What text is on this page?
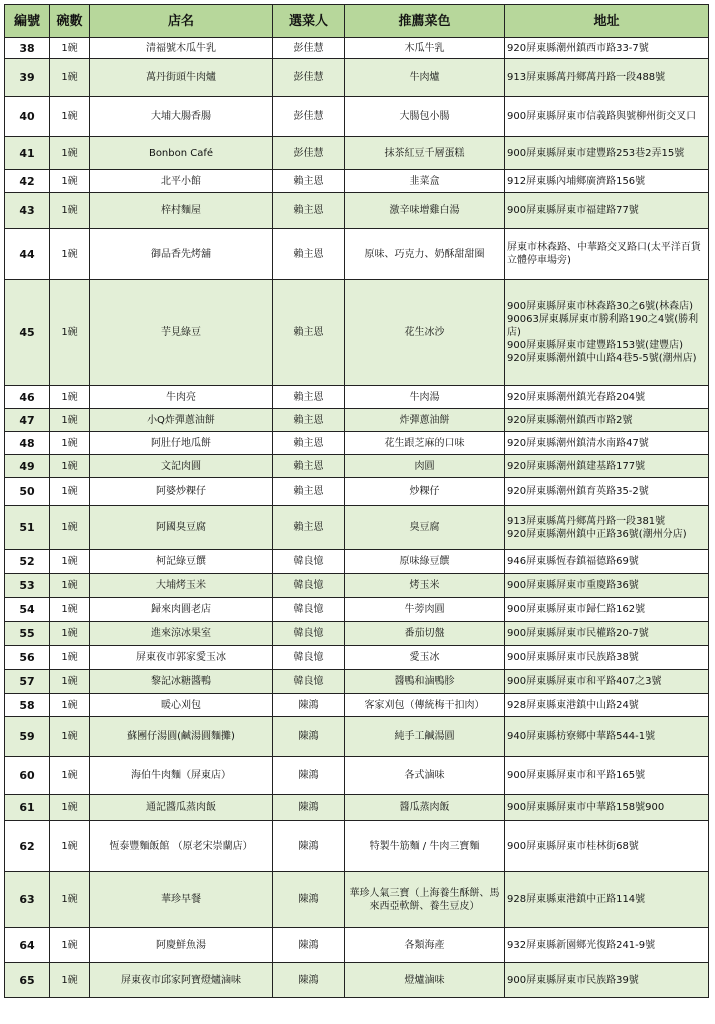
編號	碗數	店名	選菜人	推薦菜色	地址
38	1碗	清福號木瓜牛乳	彭佳慧	木瓜牛乳	920屏東縣潮州鎮西市路33-7號

39	1碗	萬丹街頭牛肉爐	彭佳慧	牛肉爐	913屏東縣萬丹鄉萬丹路一段488號

40	1碗	大埔大腸香腸	彭佳慧	大腸包小腸	900屏東縣屏東市信義路與號柳州街交叉口

41	1碗	Bonbon Café	彭佳慧	抹茶紅豆千層蛋糕	900屏東縣屏東市建豐路253巷2弄15號

42	1碗	北平小館	賴主恩	韭菜盒	912屏東縣內埔鄉廣濟路156號

43	1碗	梓村麵屋	賴主恩	激辛味增雞白湯	900屏東縣屏東市福建路77號

44	1碗	御品香先烤舖	賴主恩	原味、巧克力、奶酥甜甜圈	屏東市林森路、中華路交叉路口(太平洋百貨立體停車場旁)

45	1碗	芋見綠豆	賴主恩	花生冰沙	900屏東縣屏東市林森路30之6號(林森店)
90063屏東縣屏東市勝利路190之4號(勝利店)
900屏東縣屏東市建豐路153號(建豐店)
920屏東縣潮州鎮中山路4巷5-5號(潮州店)

46	1碗	牛肉亮	賴主恩	牛肉湯	920屏東縣潮州鎮光春路204號

47	1碗	小Q炸彈蔥油餅	賴主恩	炸彈蔥油餅	920屏東縣潮州鎮西市路2號

48	1碗	阿肚仔地瓜餅	賴主恩	花生跟芝麻的口味	920屏東縣潮州鎮清水南路47號

49	1碗	文記肉圓	賴主恩	肉圓	920屏東縣潮州鎮建基路177號

50	1碗	阿婆炒粿仔	賴主恩	炒粿仔	920屏東縣潮州鎮育英路35-2號

51	1碗	阿國臭豆腐	賴主恩	臭豆腐	913屏東縣萬丹鄉萬丹路一段381號
920屏東縣潮州鎮中正路36號(潮州分店)

52	1碗	柯記綠豆饌	韓良憶	原味綠豆饌	946屏東縣恆春鎮福德路69號

53	1碗	大埔烤玉米	韓良憶	烤玉米	900屏東縣屏東市重慶路36號

54	1碗	歸來肉圓老店	韓良憶	牛蒡肉圓	900屏東縣屏東市歸仁路162號

55	1碗	進來涼冰果室	韓良憶	番茄切盤	900屏東縣屏東市民權路20-7號

56	1碗	屏東夜市郭家愛玉冰	韓良憶	愛玉冰	900屏東縣屏東市民族路38號

57	1碗	黎記冰糖醬鴨	韓良憶	醬鴨和滷鴨胗	900屏東縣屏東市和平路407之3號

58	1碗	暖心刈包	陳鴻	客家刈包（傳統梅干扣肉）	928屏東縣東港鎮中山路24號

59	1碗	蘇團仔湯圓(鹹湯圓麵攤)	陳鴻	純手工鹹湯圓	940屏東縣枋寮鄉中華路544-1號

60	1碗	海伯牛肉麵（屏東店）	陳鴻	各式滷味	900屏東縣屏東市和平路165號

61	1碗	通記醬瓜蒸肉飯	陳鴻	醬瓜蒸肉飯	900屏東縣屏東市中華路158號900

62	1碗	恆泰豐麵飯館 （原老宋崇蘭店）	陳鴻	特製牛筋麵 / 牛肉三寶麵	900屏東縣屏東市桂林街68號

63	1碗	華珍早餐	陳鴻	華珍人氣三寶（上海養生酥餅、馬來西亞軟餅、養生豆皮）	928屏東縣東港鎮中正路114號

64	1碗	阿慶鮮魚湯	陳鴻	各類海產	932屏東縣新園鄉光復路241-9號

65	1碗	屏東夜市邱家阿寶燈爐滷味	陳鴻	燈爐滷味	900屏東縣屏東市民族路39號
